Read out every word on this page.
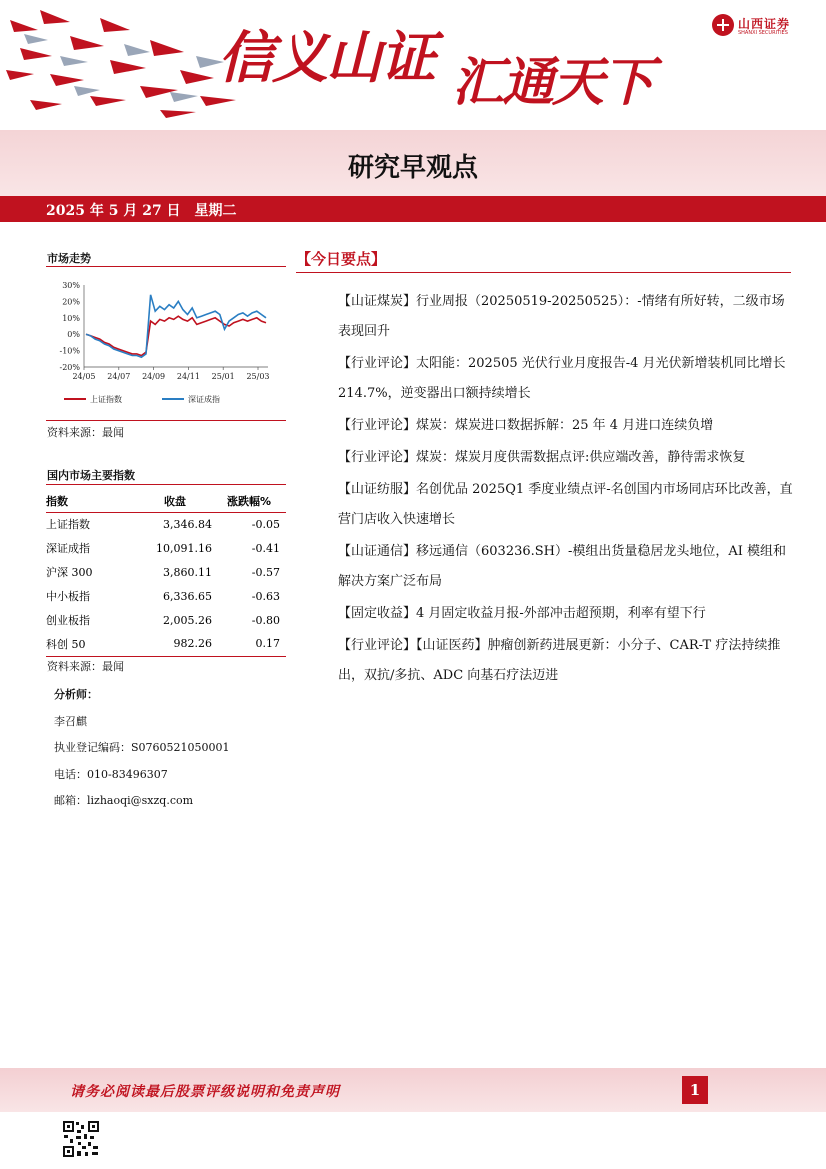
信义山证 汇通天下
山西证券
SHANXI SECURITIES
研究早观点
2025 年 5 月 27 日　星期二
市场走势
30%
20%
10%
0%
-10%
-20%
24/05 24/07 24/09 24/11 25/01 25/03
上证指数	深证成指
资料来源：最闻
国内市场主要指数
指数	收盘	涨跌幅%
上证指数	3,346.84	-0.05
深证成指	10,091.16	-0.41
沪深 300	3,860.11	-0.57
中小板指	6,336.65	-0.63
创业板指	2,005.26	-0.80
科创 50	982.26	0.17
资料来源：最闻
分析师：
李召麒
执业登记编码：S0760521050001
电话：010-83496307
邮箱：lizhaoqi@sxzq.com
【今日要点】
【山证煤炭】行业周报（20250519-20250525）：-情绪有所好转，二级市场表现回升
【行业评论】太阳能：202505 光伏行业月度报告-4 月光伏新增装机同比增长 214.7%，逆变器出口额持续增长
【行业评论】煤炭：煤炭进口数据拆解：25 年 4 月进口连续负增
【行业评论】煤炭：煤炭月度供需数据点评:供应端改善，静待需求恢复
【山证纺服】名创优品 2025Q1 季度业绩点评-名创国内市场同店环比改善，直营门店收入快速增长
【山证通信】移远通信（603236.SH）-模组出货量稳居龙头地位，AI 模组和解决方案广泛布局
【固定收益】4 月固定收益月报-外部冲击超预期，利率有望下行
【行业评论】【山证医药】肿瘤创新药进展更新：小分子、CAR-T 疗法持续推出，双抗/多抗、ADC 向基石疗法迈进
请务必阅读最后股票评级说明和免责声明	1
